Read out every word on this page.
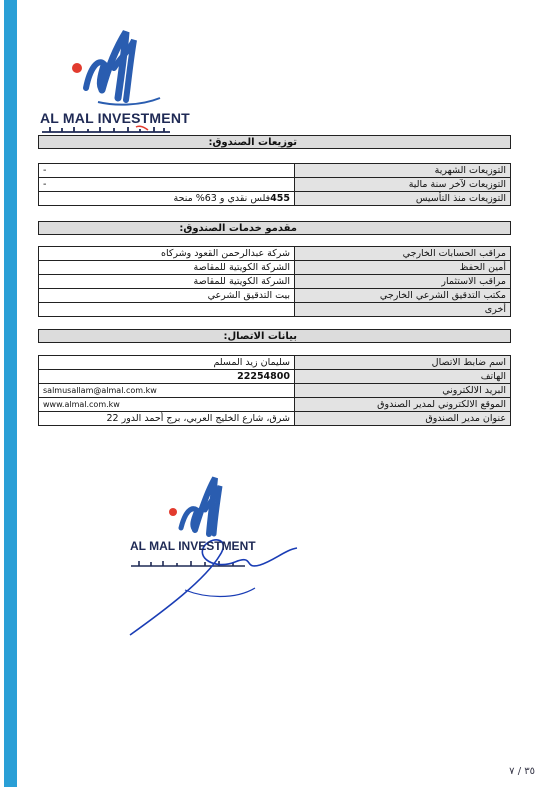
AL MAL INVESTMENT
توزيعات الصندوق:
التوزيعات الشهرية	-
التوزيعات لآخر سنة مالية	-
التوزيعات منذ التأسيس	455فلس نقدي و 63% منحة
مقدمو خدمات الصندوق:
مراقب الحسابات الخارجي	شركة عبدالرحمن القعود وشركاه
أمين الحفظ	الشركة الكويتية للمقاصة
مراقب الاستثمار	الشركة الكويتية للمقاصة
مكتب التدقيق الشرعي الخارجي	بيت التدقيق الشرعي
أخرى	
بيانات الاتصال:
اسم ضابط الاتصال	سليمان زيد المسلم
الهاتف	22254800
البريد الالكتروني	salmusallam@almal.com.kw
الموقع الالكتروني لمدير الصندوق	www.almal.com.kw
عنوان مدير الصندوق	شرق، شارع الخليج العربي، برج أحمد الدور 22
AL MAL INVESTMENT
٣٥ / ٧
